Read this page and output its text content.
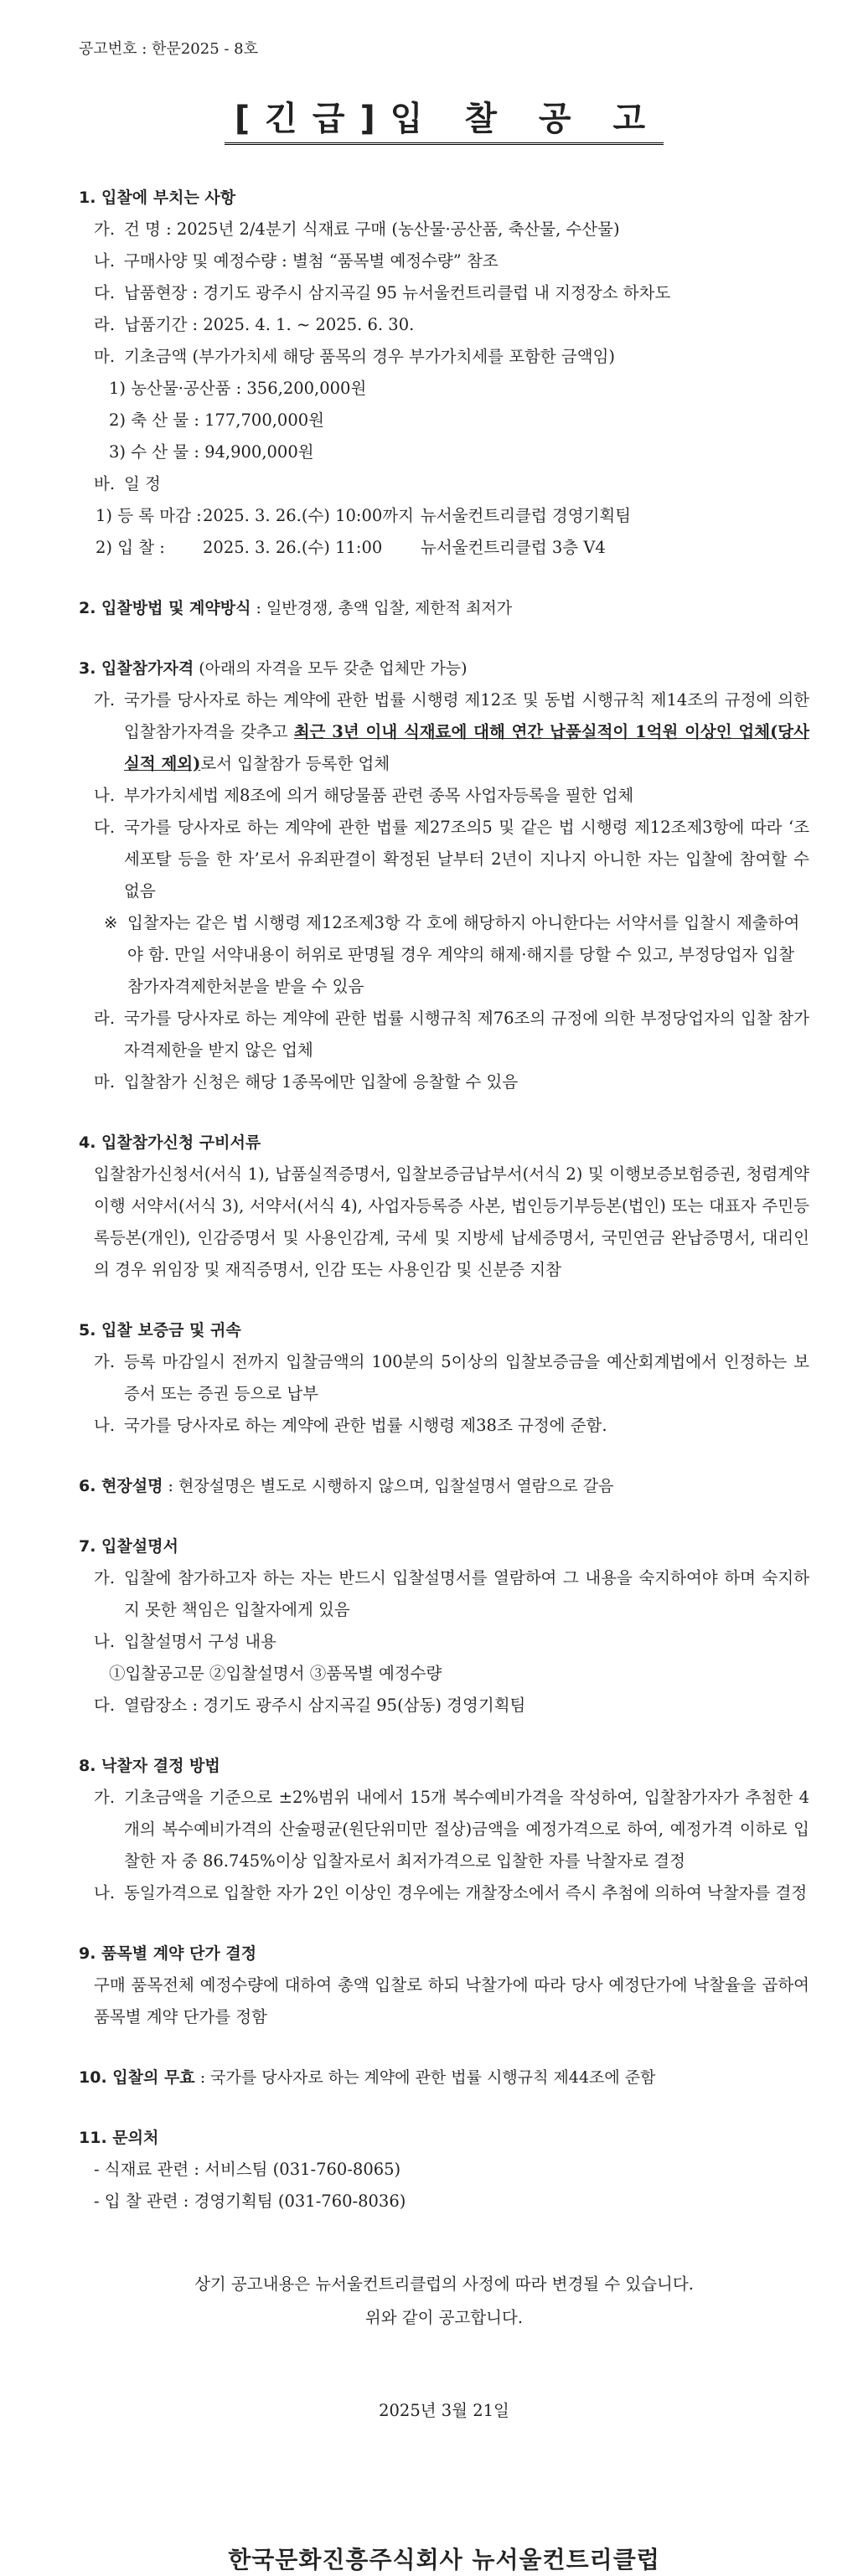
공고번호 : 한문2025 - 8호
[긴급]입 찰 공 고
1. 입찰에 부치는 사항
가. 건 명 : 2025년 2/4분기 식재료 구매 (농산물·공산품, 축산물, 수산물)
나. 구매사양 및 예정수량 : 별첨 “품목별 예정수량” 참조
다. 납품현장 : 경기도 광주시 삼지곡길 95 뉴서울컨트리클럽 내 지정장소 하차도
라. 납품기간 : 2025. 4. 1. ~ 2025. 6. 30.
마. 기초금액 (부가가치세 해당 품목의 경우 부가가치세를 포함한 금액임)
1) 농산물·공산품 : 356,200,000원
2) 축 산 물 : 177,700,000원
3) 수 산 물 : 94,900,000원
바. 일 정
1) 등 록 마감 : 2025. 3. 26.(수) 10:00까지 뉴서울컨트리클럽 경영기획팀
2) 입 찰 :	2025. 3. 26.(수) 11:00	뉴서울컨트리클럽 3층 V4
2. 입찰방법 및 계약방식 : 일반경쟁, 총액 입찰, 제한적 최저가
3. 입찰참가자격 (아래의 자격을 모두 갖춘 업체만 가능)
가. 국가를 당사자로 하는 계약에 관한 법률 시행령 제12조 및 동법 시행규칙 제14조의 규정에 의한 입찰참가자격을 갖추고 최근 3년 이내 식재료에 대해 연간 납품실적이 1억원 이상인 업체(당사 실적 제외)로서 입찰참가 등록한 업체
나. 부가가치세법 제8조에 의거 해당물품 관련 종목 사업자등록을 필한 업체
다. 국가를 당사자로 하는 계약에 관한 법률 제27조의5 및 같은 법 시행령 제12조제3항에 따라 ‘조세포탈 등을 한 자’로서 유죄판결이 확정된 날부터 2년이 지나지 아니한 자는 입찰에 참여할 수 없음
※ 입찰자는 같은 법 시행령 제12조제3항 각 호에 해당하지 아니한다는 서약서를 입찰시 제출하여야 함. 만일 서약내용이 허위로 판명될 경우 계약의 해제·해지를 당할 수 있고, 부정당업자 입찰참가자격제한처분을 받을 수 있음
라. 국가를 당사자로 하는 계약에 관한 법률 시행규칙 제76조의 규정에 의한 부정당업자의 입찰 참가 자격제한을 받지 않은 업체
마. 입찰참가 신청은 해당 1종목에만 입찰에 응찰할 수 있음
4. 입찰참가신청 구비서류
입찰참가신청서(서식 1), 납품실적증명서, 입찰보증금납부서(서식 2) 및 이행보증보험증권, 청렴계약 이행 서약서(서식 3), 서약서(서식 4), 사업자등록증 사본, 법인등기부등본(법인) 또는 대표자 주민등록등본(개인), 인감증명서 및 사용인감계, 국세 및 지방세 납세증명서, 국민연금 완납증명서, 대리인의 경우 위임장 및 재직증명서, 인감 또는 사용인감 및 신분증 지참
5. 입찰 보증금 및 귀속
가. 등록 마감일시 전까지 입찰금액의 100분의 5이상의 입찰보증금을 예산회계법에서 인정하는 보증서 또는 증권 등으로 납부
나. 국가를 당사자로 하는 계약에 관한 법률 시행령 제38조 규정에 준함.
6. 현장설명 : 현장설명은 별도로 시행하지 않으며, 입찰설명서 열람으로 갈음
7. 입찰설명서
가. 입찰에 참가하고자 하는 자는 반드시 입찰설명서를 열람하여 그 내용을 숙지하여야 하며 숙지하지 못한 책임은 입찰자에게 있음
나. 입찰설명서 구성 내용
①입찰공고문 ②입찰설명서 ③품목별 예정수량
다. 열람장소 : 경기도 광주시 삼지곡길 95(삼동) 경영기획팀
8. 낙찰자 결정 방법
가. 기초금액을 기준으로 ±2%범위 내에서 15개 복수예비가격을 작성하여, 입찰참가자가 추첨한 4개의 복수예비가격의 산술평균(원단위미만 절상)금액을 예정가격으로 하여, 예정가격 이하로 입찰한 자 중 86.745%이상 입찰자로서 최저가격으로 입찰한 자를 낙찰자로 결정
나. 동일가격으로 입찰한 자가 2인 이상인 경우에는 개찰장소에서 즉시 추첨에 의하여 낙찰자를 결정
9. 품목별 계약 단가 결정
구매 품목전체 예정수량에 대하여 총액 입찰로 하되 낙찰가에 따라 당사 예정단가에 낙찰율을 곱하여 품목별 계약 단가를 정함
10. 입찰의 무효 : 국가를 당사자로 하는 계약에 관한 법률 시행규칙 제44조에 준함
11. 문의처
- 식재료 관련 : 서비스팀 (031-760-8065)
- 입 찰 관련 : 경영기획팀 (031-760-8036)
상기 공고내용은 뉴서울컨트리클럽의 사정에 따라 변경될 수 있습니다.
위와 같이 공고합니다.
2025년 3월 21일
한국문화진흥주식회사 뉴서울컨트리클럽
